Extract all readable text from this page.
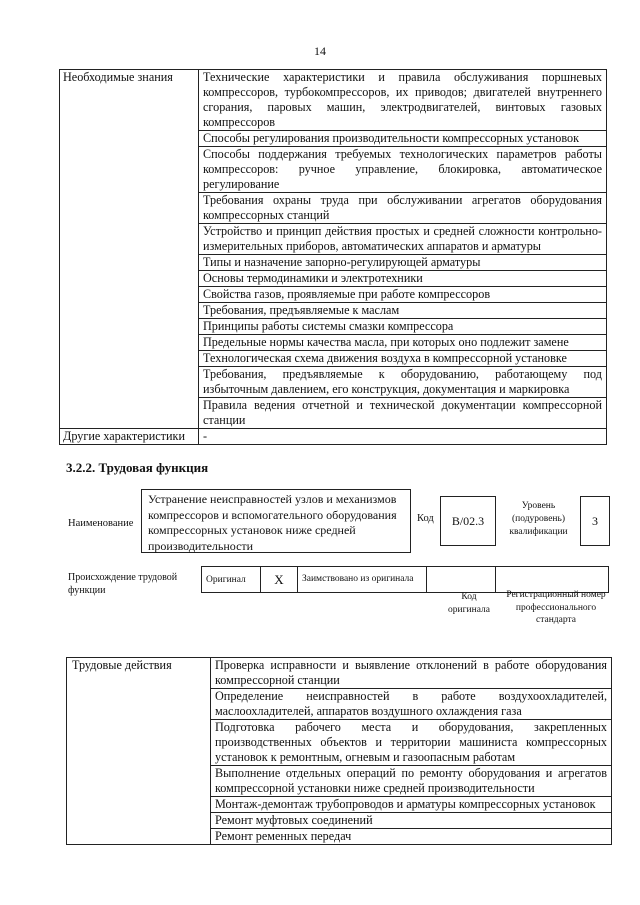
14
Необходимые знания	Технические характеристики и правила обслуживания поршневых компрессоров, турбокомпрессоров, их приводов; двигателей внутреннего сгорания, паровых машин, электродвигателей, винтовых газовых компрессоров
	Способы регулирования производительности компрессорных установок
	Способы поддержания требуемых технологических параметров работы компрессоров: ручное управление, блокировка, автоматическое регулирование
	Требования охраны труда при обслуживании агрегатов оборудования компрессорных станций
	Устройство и принцип действия простых и средней сложности контрольно-измерительных приборов, автоматических аппаратов и арматуры
	Типы и назначение запорно-регулирующей арматуры
	Основы термодинамики и электротехники
	Свойства газов, проявляемые при работе компрессоров
	Требования, предъявляемые к маслам
	Принципы работы системы смазки компрессора
	Предельные нормы качества масла, при которых оно подлежит замене
	Технологическая схема движения воздуха в компрессорной установке
	Требования, предъявляемые к оборудованию, работающему под избыточным давлением, его конструкция, документация и маркировка
	Правила ведения отчетной и технической документации компрессорной станции
Другие характеристики	-
3.2.2. Трудовая функция
Наименование
Устранение неисправностей узлов и механизмов компрессоров и вспомогательного оборудования компрессорных установок ниже средней производительности
Код	B/02.3
Уровень (подуровень) квалификации
3
Происхождение трудовой функции
Оригинал	X	Заимствовано из оригинала		
Код оригинала
Регистрационный номер профессионального стандарта
Трудовые действия	Проверка исправности и выявление отклонений в работе оборудования компрессорной станции
Определение неисправностей в работе воздухоохладителей, маслоохладителей, аппаратов воздушного охлаждения газа
Подготовка рабочего места и оборудования, закрепленных производственных объектов и территории машиниста компрессорных установок к ремонтным, огневым и газоопасным работам
Выполнение отдельных операций по ремонту оборудования и агрегатов компрессорной установки ниже средней производительности
Монтаж-демонтаж трубопроводов и арматуры компрессорных установок
Ремонт муфтовых соединений
Ремонт ременных передач
